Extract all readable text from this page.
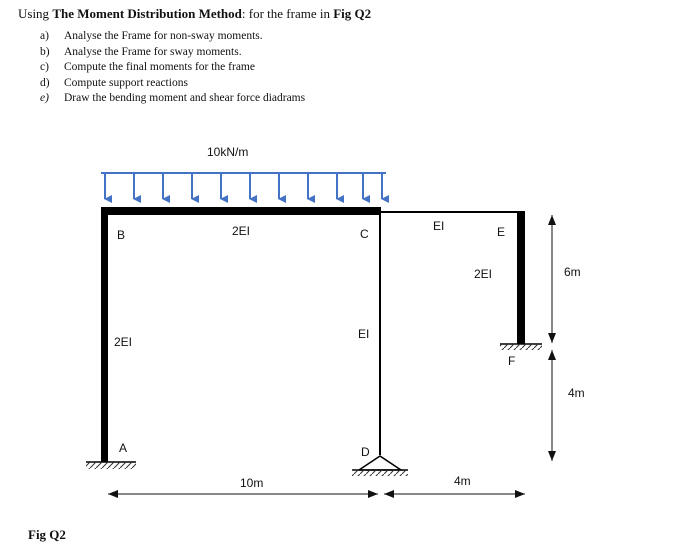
Using The Moment Distribution Method: for the frame in Fig Q2
a) Analyse the Frame for non-sway moments.
b) Analyse the Frame for sway moments.
c) Compute the final moments for the frame
d) Compute support reactions
e) Draw the bending moment and shear force diadrams
10kN/m
B	C	E
A	D
F
2EI	EI
2EI
EI
2EI
10m	4m
6m
4m
Fig Q2
